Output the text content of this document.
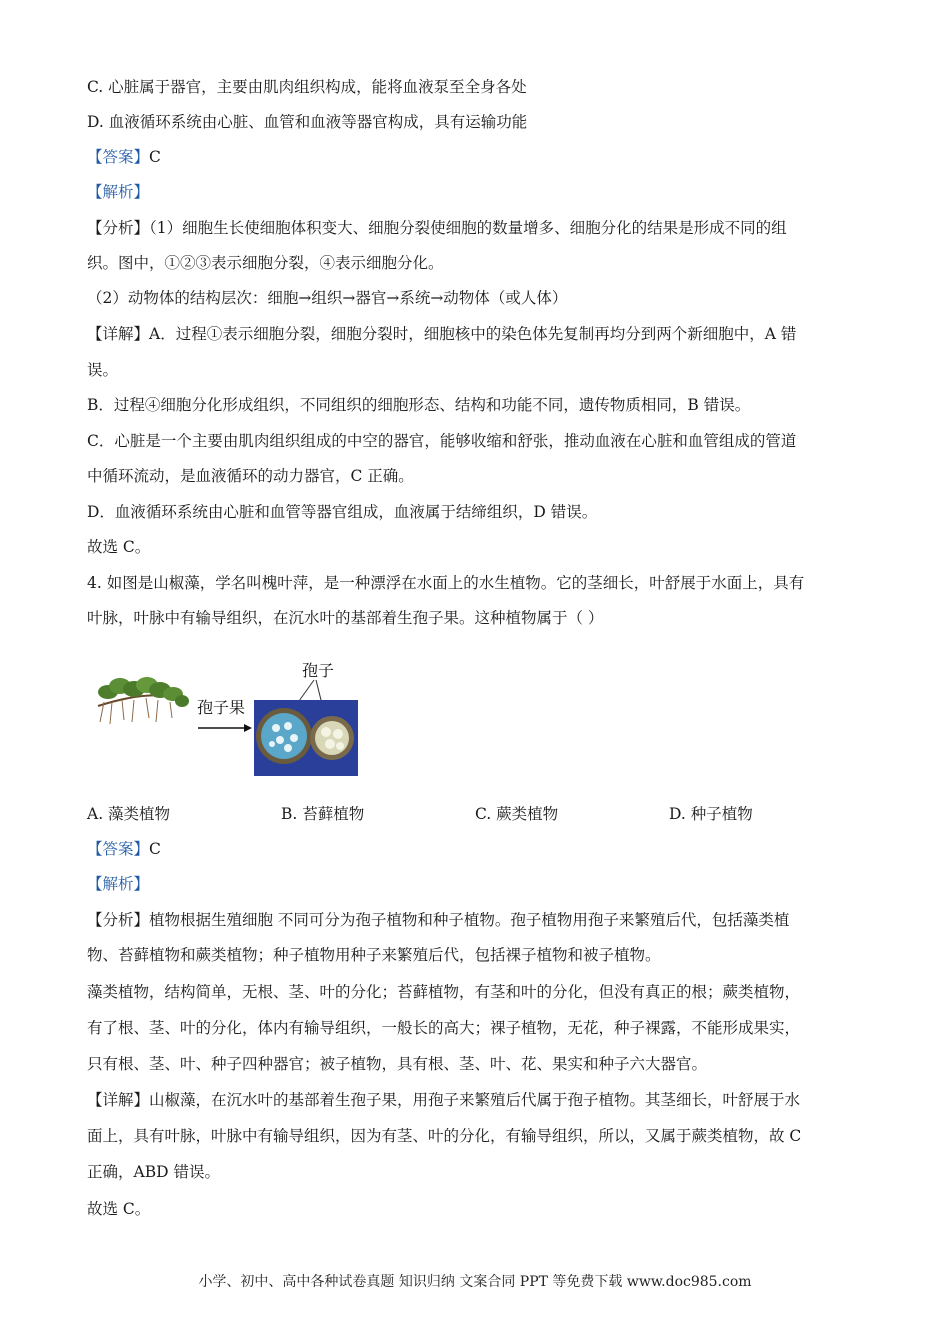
C. 心脏属于器官，主要由肌肉组织构成，能将血液泵至全身各处
D. 血液循环系统由心脏、血管和血液等器官构成，具有运输功能
【答案】C
【解析】
【分析】（1）细胞生长使细胞体积变大、细胞分裂使细胞的数量增多、细胞分化的结果是形成不同的组
织。图中，①②③表示细胞分裂，④表示细胞分化。
（2）动物体的结构层次：细胞→组织→器官→系统→动物体（或人体）
【详解】A．过程①表示细胞分裂，细胞分裂时，细胞核中的染色体先复制再均分到两个新细胞中，A 错
误。
B．过程④细胞分化形成组织，不同组织的细胞形态、结构和功能不同，遗传物质相同，B 错误。
C．心脏是一个主要由肌肉组织组成的中空的器官，能够收缩和舒张，推动血液在心脏和血管组成的管道
中循环流动，是血液循环的动力器官，C 正确。
D．血液循环系统由心脏和血管等器官组成，血液属于结缔组织，D 错误。
故选 C。
4. 如图是山椒藻，学名叫槐叶萍，是一种漂浮在水面上的水生植物。它的茎细长，叶舒展于水面上，具有
叶脉，叶脉中有输导组织，在沉水叶的基部着生孢子果。这种植物属于（ ）
孢子果
孢子
A. 藻类植物	B. 苔藓植物	C. 蕨类植物	D. 种子植物
【答案】C
【解析】
【分析】植物根据生殖细胞 不同可分为孢子植物和种子植物。孢子植物用孢子来繁殖后代，包括藻类植
物、苔藓植物和蕨类植物；种子植物用种子来繁殖后代，包括裸子植物和被子植物。
藻类植物，结构简单，无根、茎、叶的分化；苔藓植物，有茎和叶的分化，但没有真正的根；蕨类植物，
有了根、茎、叶的分化，体内有输导组织，一般长的高大；裸子植物，无花，种子裸露，不能形成果实，
只有根、茎、叶、种子四种器官；被子植物，具有根、茎、叶、花、果实和种子六大器官。
【详解】山椒藻，在沉水叶的基部着生孢子果，用孢子来繁殖后代属于孢子植物。其茎细长，叶舒展于水
面上，具有叶脉，叶脉中有输导组织，因为有茎、叶的分化，有输导组织，所以，又属于蕨类植物，故 C
正确，ABD 错误。
故选 C。
小学、初中、高中各种试卷真题 知识归纳 文案合同 PPT 等免费下载 www.doc985.com
